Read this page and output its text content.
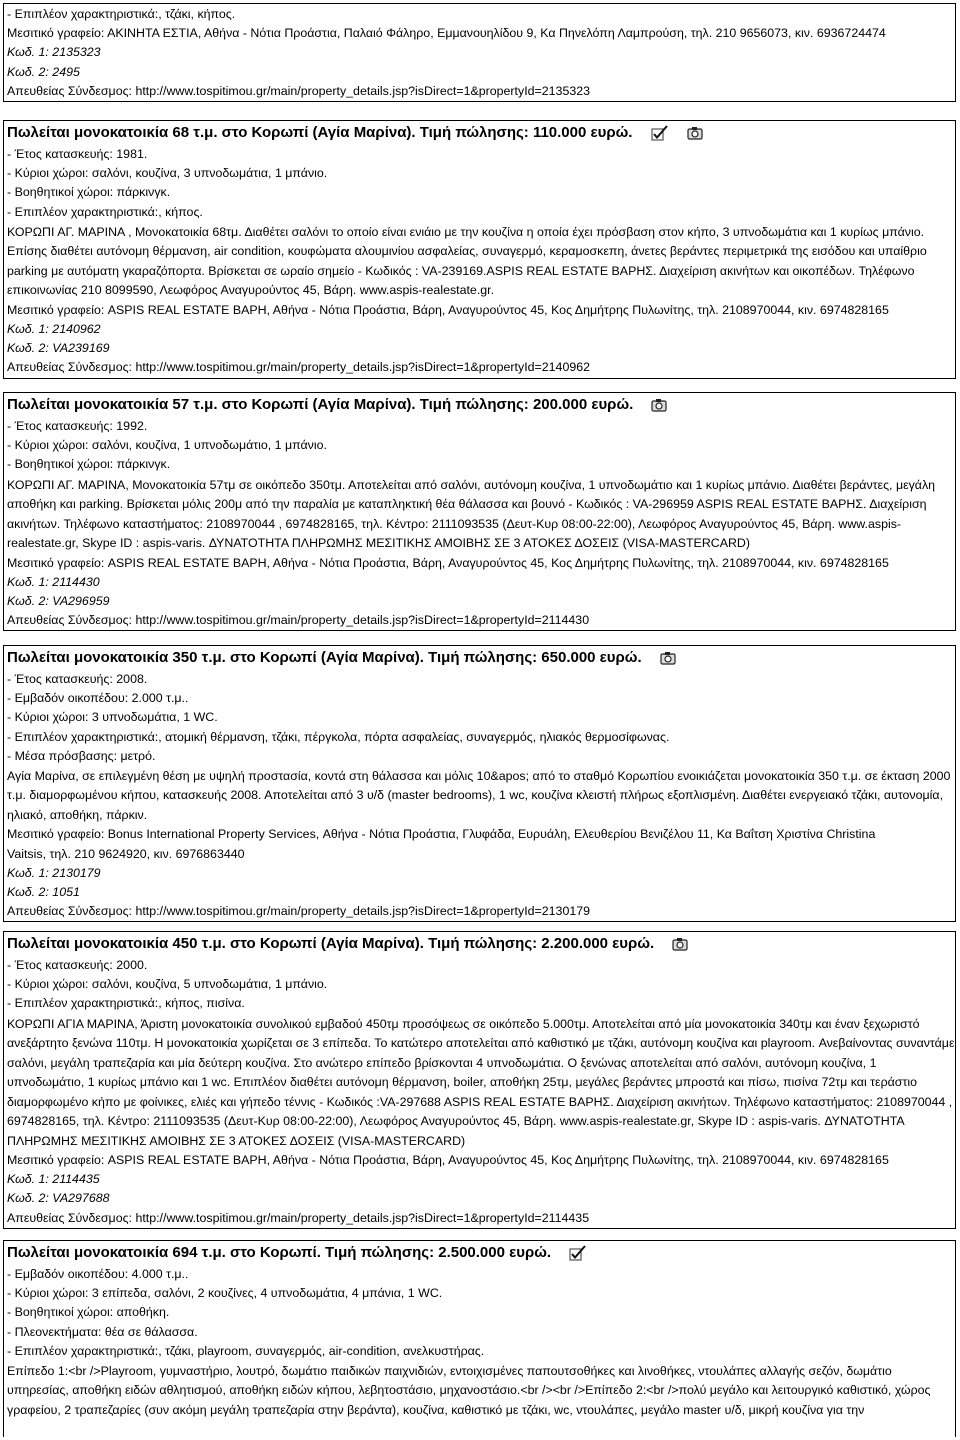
- Επιπλέον χαρακτηριστικά:, τζάκι, κήπος.
Μεσιτικό γραφείο: ΑΚΙΝΗΤΑ ΕΣΤΙΑ, Αθήνα - Νότια Προάστια, Παλαιό Φάληρο, Εμμανουηλίδου 9, Κα Πηνελόπη Λαμπρούση, τηλ. 210 9656073, κιν. 6936724474
Κωδ. 1: 2135323
Κωδ. 2: 2495
Απευθείας Σύνδεσμος: http://www.tospitimou.gr/main/property_details.jsp?isDirect=1&propertyId=2135323
Πωλείται μονοκατοικία 68 τ.μ. στο Κορωπί (Αγία Μαρίνα). Τιμή πώλησης: 110.000 ευρώ.
- Έτος κατασκευής: 1981.
- Κύριοι χώροι: σαλόνι, κουζίνα, 3 υπνοδωμάτια, 1 μπάνιο.
- Βοηθητικοί χώροι: πάρκινγκ.
- Επιπλέον χαρακτηριστικά:, κήπος.
ΚΟΡΩΠΙ ΑΓ. ΜΑΡΙΝΑ , Μονοκατοικία 68τμ. Διαθέτει σαλόνι το οποίο είναι ενιάιο με την κουζίνα η οποία έχει πρόσβαση στον κήπο, 3 υπνοδωμάτια και 1 κυρίως μπάνιο. Επίσης διαθέτει αυτόνομη θέρμανση, air condition, κουφώματα αλουμινίου ασφαλείας, συναγερμό, κεραμοσκεπη, άνετες βεράντες περιμετρικά της εισόδου και υπαίθριο parking με αυτόματη γκαραζόπορτα. Βρίσκεται σε ωραίο σημείο - Κωδικός : VA-239169.ASPIS REAL ESTATE ΒΑΡΗΣ. Διαχείριση ακινήτων και οικοπέδων. Τηλέφωνο επικοινωνίας 210 8099590, Λεωφόρος Αναγυρούντος 45, Βάρη. www.aspis-realestate.gr.
Μεσιτικό γραφείο: ASPIS REAL ESTATE ΒΑΡΗ, Αθήνα - Νότια Προάστια, Βάρη, Αναγυρούντος 45, Κος Δημήτρης Πυλωνίτης, τηλ. 2108970044, κιν. 6974828165
Κωδ. 1: 2140962
Κωδ. 2: VA239169
Απευθείας Σύνδεσμος: http://www.tospitimou.gr/main/property_details.jsp?isDirect=1&propertyId=2140962
Πωλείται μονοκατοικία 57 τ.μ. στο Κορωπί (Αγία Μαρίνα). Τιμή πώλησης: 200.000 ευρώ.
- Έτος κατασκευής: 1992.
- Κύριοι χώροι: σαλόνι, κουζίνα, 1 υπνοδωμάτιο, 1 μπάνιο.
- Βοηθητικοί χώροι: πάρκινγκ.
ΚΟΡΩΠΙ ΑΓ. ΜΑΡΙΝΑ, Μονοκατοικία 57τμ σε οικόπεδο 350τμ. Αποτελείται από σαλόνι, αυτόνομη κουζίνα, 1 υπνοδωμάτιο και 1 κυρίως μπάνιο. Διαθέτει βεράντες, μεγάλη αποθήκη και parking. Βρίσκεται μόλις 200μ από την παραλία με καταπληκτική θέα θάλασσα και βουνό - Κωδικός : VA-296959 ASPIS REAL ESTATE ΒΑΡΗΣ. Διαχείριση ακινήτων. Τηλέφωνο καταστήματος: 2108970044 , 6974828165, τηλ. Κέντρο: 2111093535 (Δευτ-Κυρ 08:00-22:00), Λεωφόρος Αναγυρούντος 45, Βάρη. www.aspis-realestate.gr, Skype ID : aspis-varis. ΔΥΝΑΤΟΤΗΤΑ ΠΛΗΡΩΜΗΣ ΜΕΣΙΤΙΚΗΣ ΑΜΟΙΒΗΣ ΣΕ 3 ΑΤΟΚΕΣ ΔΟΣΕΙΣ (VISA-MASTERCARD)
Μεσιτικό γραφείο: ASPIS REAL ESTATE ΒΑΡΗ, Αθήνα - Νότια Προάστια, Βάρη, Αναγυρούντος 45, Κος Δημήτρης Πυλωνίτης, τηλ. 2108970044, κιν. 6974828165
Κωδ. 1: 2114430
Κωδ. 2: VA296959
Απευθείας Σύνδεσμος: http://www.tospitimou.gr/main/property_details.jsp?isDirect=1&propertyId=2114430
Πωλείται μονοκατοικία 350 τ.μ. στο Κορωπί (Αγία Μαρίνα). Τιμή πώλησης: 650.000 ευρώ.
- Έτος κατασκευής: 2008.
- Εμβαδόν οικοπέδου: 2.000 τ.μ..
- Κύριοι χώροι: 3 υπνοδωμάτια, 1 WC.
- Επιπλέον χαρακτηριστικά:, ατομική θέρμανση, τζάκι, πέργκολα, πόρτα ασφαλείας, συναγερμός, ηλιακός θερμοσίφωνας.
- Μέσα πρόσβασης: μετρό.
Αγία Μαρίνα, σε επιλεγμένη θέση με υψηλή προστασία, κοντά στη θάλασσα και μόλις 10&apos; από το σταθμό Κορωπίου ενοικιάζεται μονοκατοικία 350 τ.μ. σε έκταση 2000 τ.μ. διαμορφωμένου κήπου, κατασκευής 2008. Αποτελείται από 3 υ/δ (master bedrooms), 1 wc, κουζίνα κλειστή πλήρως εξοπλισμένη. Διαθέτει ενεργειακό τζάκι, αυτονομία, ηλιακό, αποθήκη, πάρκιν.
Μεσιτικό γραφείο: Bonus International Property Services, Αθήνα - Νότια Προάστια, Γλυφάδα, Ευρυάλη, Ελευθερίου Βενιζέλου 11, Κα Βαΐτση Χριστίνα Christina
Vaitsis, τηλ. 210 9624920, κιν. 6976863440
Κωδ. 1: 2130179
Κωδ. 2: 1051
Απευθείας Σύνδεσμος: http://www.tospitimou.gr/main/property_details.jsp?isDirect=1&propertyId=2130179
Πωλείται μονοκατοικία 450 τ.μ. στο Κορωπί (Αγία Μαρίνα). Τιμή πώλησης: 2.200.000 ευρώ.
- Έτος κατασκευής: 2000.
- Κύριοι χώροι: σαλόνι, κουζίνα, 5 υπνοδωμάτια, 1 μπάνιο.
- Επιπλέον χαρακτηριστικά:, κήπος, πισίνα.
ΚΟΡΩΠΙ ΑΓΙΑ ΜΑΡΙΝΑ, Άριστη μονοκατοικία συνολικού εμβαδού 450τμ προσόψεως σε οικόπεδο 5.000τμ. Αποτελείται από μία μονοκατοικία 340τμ και έναν ξεχωριστό ανεξάρτητο ξενώνα 110τμ. Η μονοκατοικία χωρίζεται σε 3 επίπεδα. Το κατώτερο αποτελείται από καθιστικό με τζάκι, αυτόνομη κουζίνα και playroom. Ανεβαίνοντας συναντάμε σαλόνι, μεγάλη τραπεζαρία και μία δεύτερη κουζίνα. Στο ανώτερο επίπεδο βρίσκονται 4 υπνοδωμάτια. Ο ξενώνας αποτελείται από σαλόνι, αυτόνομη κουζίνα, 1 υπνοδωμάτιο, 1 κυρίως μπάνιο και 1 wc. Επιπλέον διαθέτει αυτόνομη θέρμανση, boiler, αποθήκη 25τμ, μεγάλες βεράντες μπροστά και πίσω, πισίνα 72τμ και τεράστιο διαμορφωμένο κήπο με φοίνικες, ελιές και γήπεδο τέννις - Κωδικός :VA-297688 ASPIS REAL ESTATE ΒΑΡΗΣ. Διαχείριση ακινήτων. Τηλέφωνο καταστήματος: 2108970044 , 6974828165, τηλ. Κέντρο: 2111093535 (Δευτ-Κυρ 08:00-22:00), Λεωφόρος Αναγυρούντος 45, Βάρη. www.aspis-realestate.gr, Skype ID : aspis-varis. ΔΥΝΑΤΟΤΗΤΑ ΠΛΗΡΩΜΗΣ ΜΕΣΙΤΙΚΗΣ ΑΜΟΙΒΗΣ ΣΕ 3 ΑΤΟΚΕΣ ΔΟΣΕΙΣ (VISA-MASTERCARD)
Μεσιτικό γραφείο: ASPIS REAL ESTATE ΒΑΡΗ, Αθήνα - Νότια Προάστια, Βάρη, Αναγυρούντος 45, Κος Δημήτρης Πυλωνίτης, τηλ. 2108970044, κιν. 6974828165
Κωδ. 1: 2114435
Κωδ. 2: VA297688
Απευθείας Σύνδεσμος: http://www.tospitimou.gr/main/property_details.jsp?isDirect=1&propertyId=2114435
Πωλείται μονοκατοικία 694 τ.μ. στο Κορωπί. Τιμή πώλησης: 2.500.000 ευρώ.
- Εμβαδόν οικοπέδου: 4.000 τ.μ..
- Κύριοι χώροι: 3 επίπεδα, σαλόνι, 2 κουζίνες, 4 υπνοδωμάτια, 4 μπάνια, 1 WC.
- Βοηθητικοί χώροι: αποθήκη.
- Πλεονεκτήματα: θέα σε θάλασσα.
- Επιπλέον χαρακτηριστικά:, τζάκι, playroom, συναγερμός, air-condition, ανελκυστήρας.
Επίπεδο 1:<br />Playroom, γυμναστήριο, λουτρό, δωμάτιο παιδικών παιχνιδιών, εντοιχισμένες παπουτσοθήκες και λινοθήκες, ντουλάπες αλλαγής σεζόν, δωμάτιο υπηρεσίας, αποθήκη ειδών αθλητισμού, αποθήκη ειδών κήπου, λεβητοστάσιο, μηχανοστάσιο.<br /><br />Επίπεδο 2:<br />πολύ μεγάλο και λειτουργικό καθιστικό, χώρος γραφείου, 2 τραπεζαρίες (συν ακόμη μεγάλη τραπεζαρία στην βεράντα), κουζίνα, καθιστικό με τζάκι, wc, ντουλάπες, μεγάλο master υ/δ, μικρή κουζίνα για την
